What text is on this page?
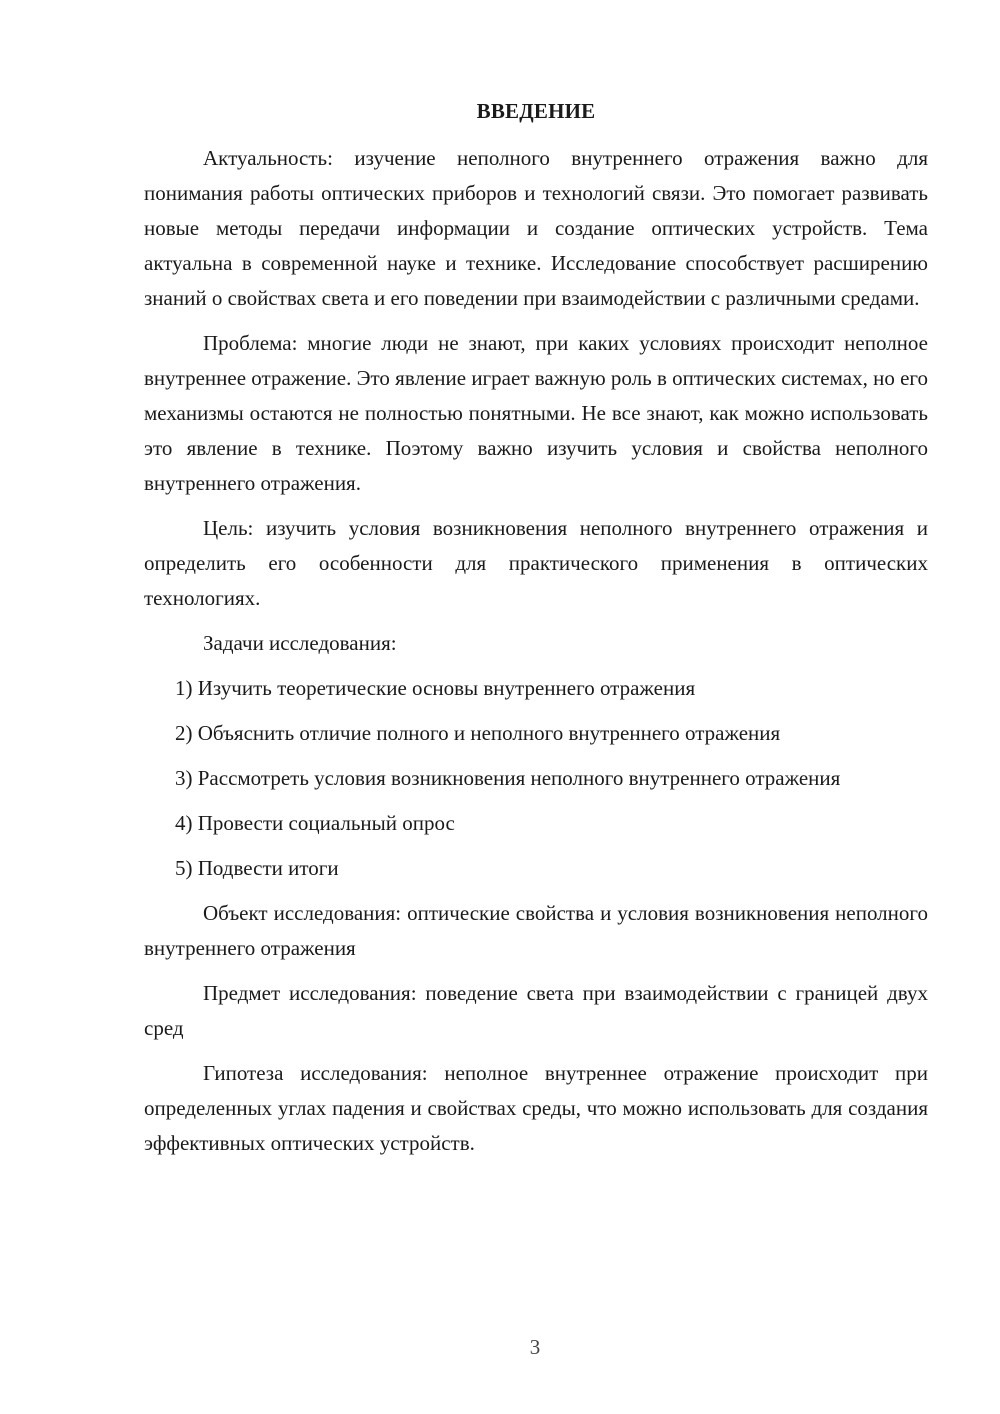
ВВЕДЕНИЕ

Актуальность: изучение неполного внутреннего отражения важно для понимания работы оптических приборов и технологий связи. Это помогает развивать новые методы передачи информации и создание оптических устройств. Тема актуальна в современной науке и технике. Исследование способствует расширению знаний о свойствах света и его поведении при взаимодействии с различными средами.

Проблема: многие люди не знают, при каких условиях происходит неполное внутреннее отражение. Это явление играет важную роль в оптических системах, но его механизмы остаются не полностью понятными. Не все знают, как можно использовать это явление в технике. Поэтому важно изучить условия и свойства неполного внутреннего отражения.

Цель: изучить условия возникновения неполного внутреннего отражения и определить его особенности для практического применения в оптических технологиях.

Задачи исследования:

1) Изучить теоретические основы внутреннего отражения

2) Объяснить отличие полного и неполного внутреннего отражения

3) Рассмотреть условия возникновения неполного внутреннего отражения

4) Провести социальный опрос

5) Подвести итоги

Объект исследования: оптические свойства и условия возникновения неполного внутреннего отражения

Предмет исследования: поведение света при взаимодействии с границей двух сред

Гипотеза исследования: неполное внутреннее отражение происходит при определенных углах падения и свойствах среды, что можно использовать для создания эффективных оптических устройств.

3
